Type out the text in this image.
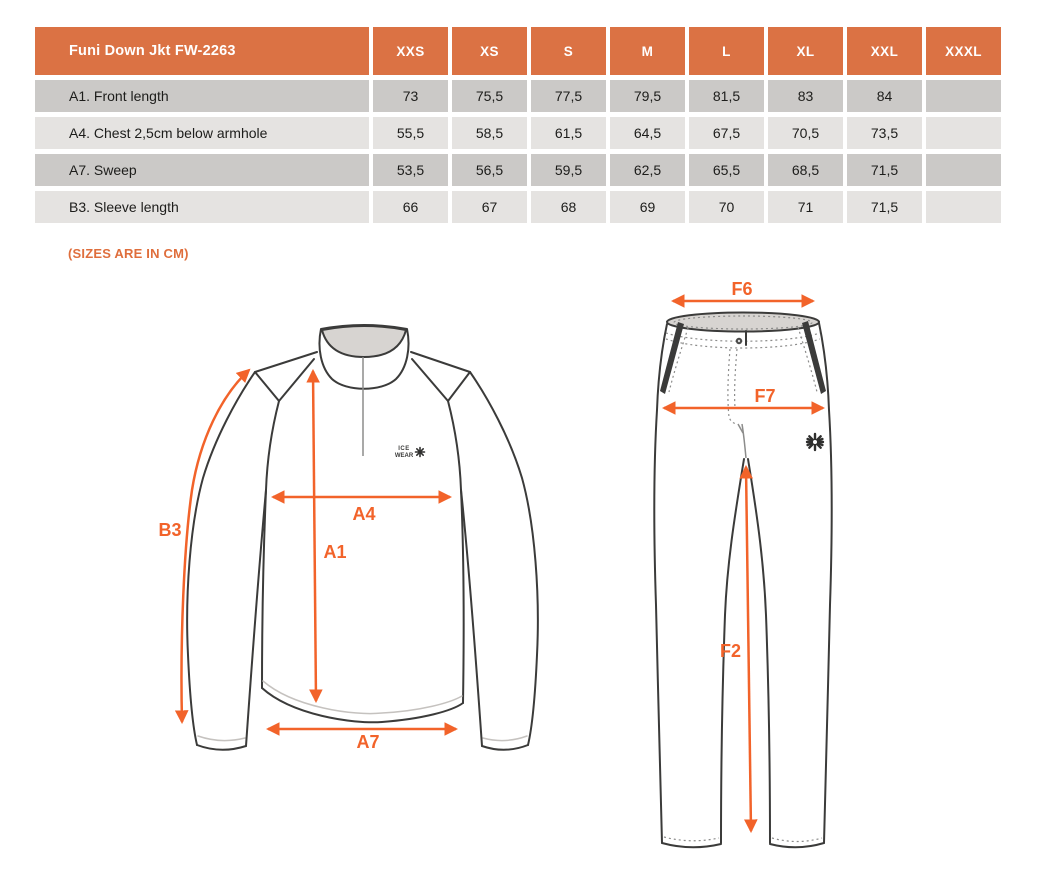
Funi Down Jkt FW-2263	XXS	XS	S	M	L	XL	XXL	XXXL
A1. Front length	73	75,5	77,5	79,5	81,5	83	84	
A4. Chest 2,5cm below armhole	55,5	58,5	61,5	64,5	67,5	70,5	73,5	
A7. Sweep	53,5	56,5	59,5	62,5	65,5	68,5	71,5	
B3. Sleeve length	66	67	68	69	70	71	71,5	
(SIZES ARE IN CM)
ICE
WEAR
B3
A4
A1
A7
F6
F7
F2
